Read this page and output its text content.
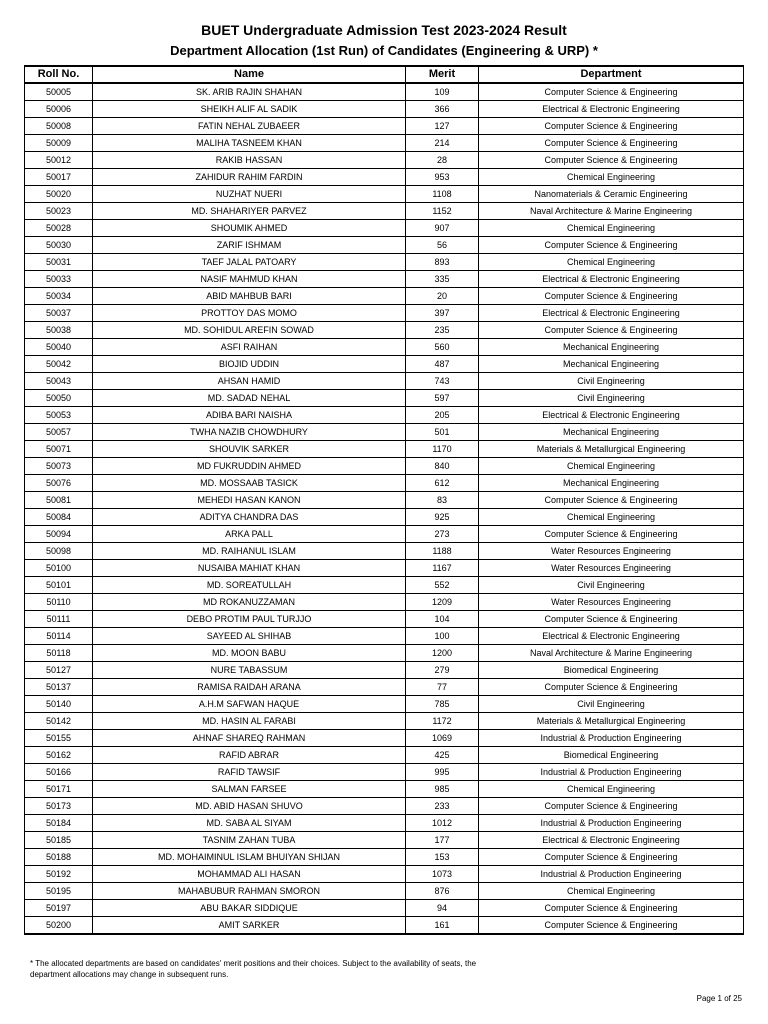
BUET Undergraduate Admission Test 2023-2024 Result
Department Allocation (1st Run) of Candidates (Engineering & URP) *
Roll No.	Name	Merit	Department
50005	SK. ARIB RAJIN SHAHAN	109	Computer Science & Engineering
50006	SHEIKH ALIF AL SADIK	366	Electrical & Electronic Engineering
50008	FATIN NEHAL ZUBAEER	127	Computer Science & Engineering
50009	MALIHA TASNEEM KHAN	214	Computer Science & Engineering
50012	RAKIB HASSAN	28	Computer Science & Engineering
50017	ZAHIDUR RAHIM FARDIN	953	Chemical Engineering
50020	NUZHAT NUERI	1108	Nanomaterials & Ceramic Engineering
50023	MD. SHAHARIYER PARVEZ	1152	Naval Architecture & Marine Engineering
50028	SHOUMIK AHMED	907	Chemical Engineering
50030	ZARIF ISHMAM	56	Computer Science & Engineering
50031	TAEF JALAL PATOARY	893	Chemical Engineering
50033	NASIF MAHMUD KHAN	335	Electrical & Electronic Engineering
50034	ABID MAHBUB BARI	20	Computer Science & Engineering
50037	PROTTOY DAS MOMO	397	Electrical & Electronic Engineering
50038	MD. SOHIDUL AREFIN SOWAD	235	Computer Science & Engineering
50040	ASFI RAIHAN	560	Mechanical Engineering
50042	BIOJID UDDIN	487	Mechanical Engineering
50043	AHSAN HAMID	743	Civil Engineering
50050	MD. SADAD NEHAL	597	Civil Engineering
50053	ADIBA BARI NAISHA	205	Electrical & Electronic Engineering
50057	TWHA NAZIB CHOWDHURY	501	Mechanical Engineering
50071	SHOUVIK SARKER	1170	Materials & Metallurgical Engineering
50073	MD FUKRUDDIN AHMED	840	Chemical Engineering
50076	MD. MOSSAAB TASICK	612	Mechanical Engineering
50081	MEHEDI HASAN KANON	83	Computer Science & Engineering
50084	ADITYA CHANDRA DAS	925	Chemical Engineering
50094	ARKA PALL	273	Computer Science & Engineering
50098	MD. RAIHANUL ISLAM	1188	Water Resources Engineering
50100	NUSAIBA MAHIAT KHAN	1167	Water Resources Engineering
50101	MD. SOREATULLAH	552	Civil Engineering
50110	MD ROKANUZZAMAN	1209	Water Resources Engineering
50111	DEBO PROTIM PAUL TURJJO	104	Computer Science & Engineering
50114	SAYEED AL SHIHAB	100	Electrical & Electronic Engineering
50118	MD. MOON BABU	1200	Naval Architecture & Marine Engineering
50127	NURE TABASSUM	279	Biomedical Engineering
50137	RAMISA RAIDAH ARANA	77	Computer Science & Engineering
50140	A.H.M SAFWAN HAQUE	785	Civil Engineering
50142	MD. HASIN AL FARABI	1172	Materials & Metallurgical Engineering
50155	AHNAF SHAREQ RAHMAN	1069	Industrial & Production Engineering
50162	RAFID ABRAR	425	Biomedical Engineering
50166	RAFID TAWSIF	995	Industrial & Production Engineering
50171	SALMAN FARSEE	985	Chemical Engineering
50173	MD. ABID HASAN SHUVO	233	Computer Science & Engineering
50184	MD. SABA AL SIYAM	1012	Industrial & Production Engineering
50185	TASNIM ZAHAN TUBA	177	Electrical & Electronic Engineering
50188	MD. MOHAIMINUL ISLAM BHUIYAN SHIJAN	153	Computer Science & Engineering
50192	MOHAMMAD ALI HASAN	1073	Industrial & Production Engineering
50195	MAHABUBUR RAHMAN SMORON	876	Chemical Engineering
50197	ABU BAKAR SIDDIQUE	94	Computer Science & Engineering
50200	AMIT SARKER	161	Computer Science & Engineering
* The allocated departments are based on candidates' merit positions and their choices. Subject to the availability of seats, the
department allocations may change in subsequent runs.
Page 1 of 25
